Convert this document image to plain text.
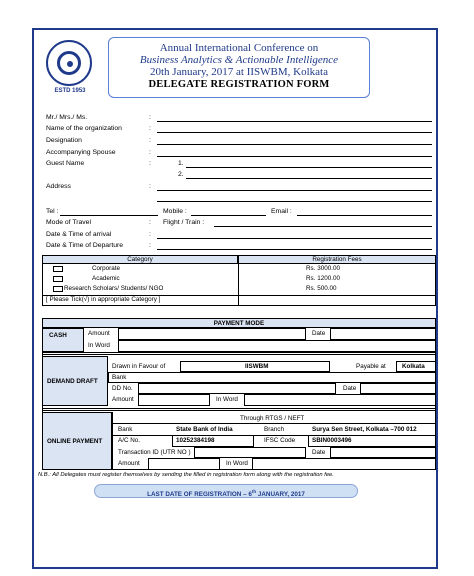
ESTD 1953
Annual International Conference on
Business Analytics & Actionable Intelligence
20th January, 2017 at IISWBM, Kolkata
DELEGATE REGISTRATION FORM
Mr./ Mrs./ Ms.	:
Name of the organization	:
Designation	:
Accompanying Spouse	:
Guest Name	:	1.
2.
Address	:
Tel :	Mobile :	Email :
Mode of Travel	: Flight / Train :
Date & Time of arrival	:
Date & Time of Departure	:
Category	Registration Fees
Corporate	Rs. 3000.00
Academic	Rs. 1200.00
Research Scholars/ Students/ NGO	Rs. 500.00
[ Please Tick(√) in appropriate Category ]
PAYMENT MODE
CASH	Amount	Date
In Word
DEMAND DRAFT
Drawn in Favour of	IISWBM	Payable at	Kolkata
Bank
DD No.	Date
Amount	In Word
ONLINE PAYMENT
Through RTGS / NEFT
Bank	State Bank of India	Branch	Surya Sen Street, Kolkata –700 012
A/C No.	10252384198	IFSC Code	SBIN0003496
Transaction ID (UTR NO )	Date
Amount	In Word
N.B.: All Delegates must register themselves by sending the filled in registration form along with the registration fee.
LAST DATE OF REGISTRATION – 6th JANUARY, 2017
